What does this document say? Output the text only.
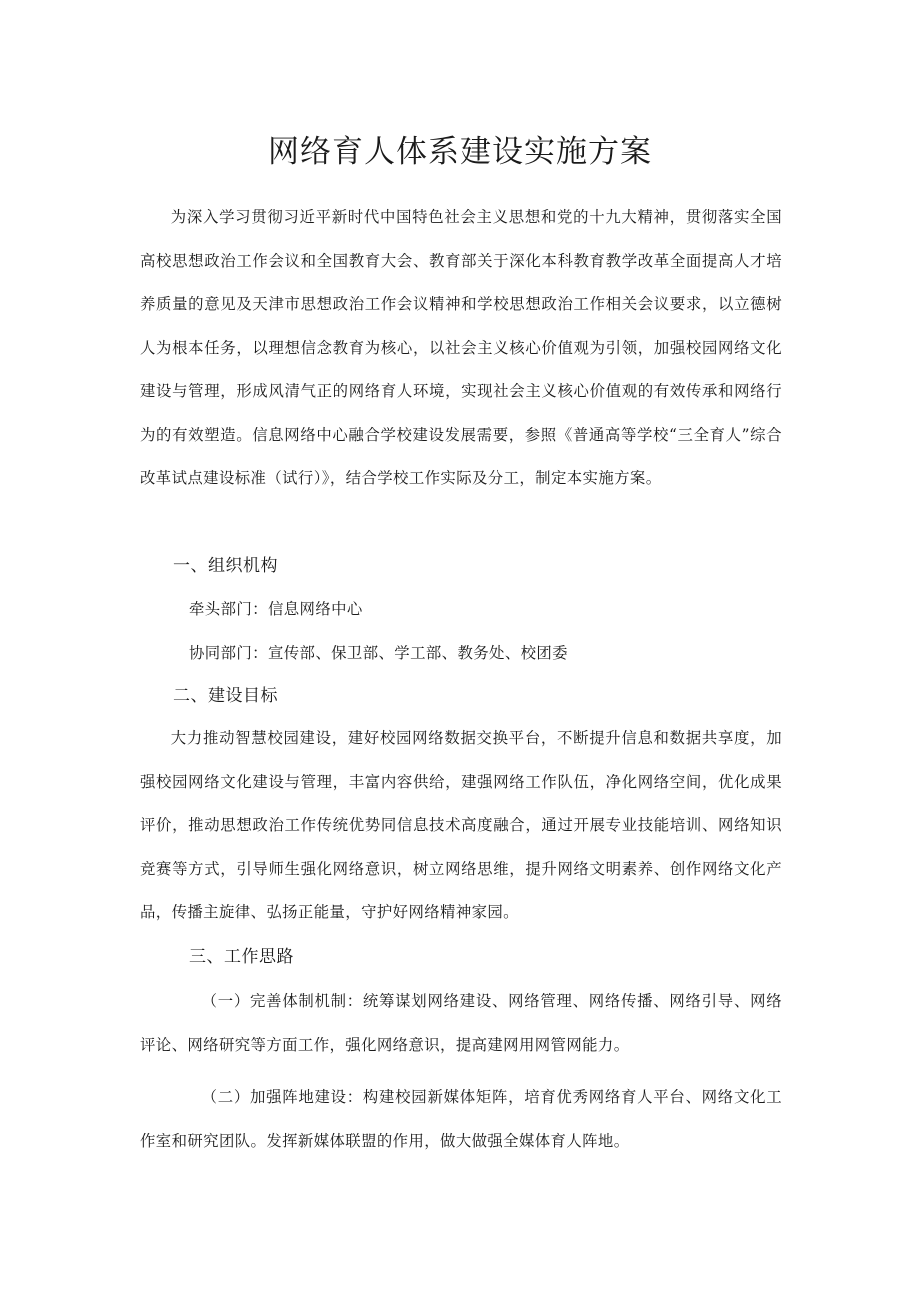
网络育人体系建设实施方案

为深入学习贯彻习近平新时代中国特色社会主义思想和党的十九大精神，贯彻落实全国高校思想政治工作会议和全国教育大会、教育部关于深化本科教育教学改革全面提高人才培养质量的意见及天津市思想政治工作会议精神和学校思想政治工作相关会议要求，以立德树人为根本任务，以理想信念教育为核心，以社会主义核心价值观为引领，加强校园网络文化建设与管理，形成风清气正的网络育人环境，实现社会主义核心价值观的有效传承和网络行为的有效塑造。信息网络中心融合学校建设发展需要，参照《普通高等学校“三全育人”综合改革试点建设标准（试行）》，结合学校工作实际及分工，制定本实施方案。

一、组织机构

牵头部门：信息网络中心

协同部门：宣传部、保卫部、学工部、教务处、校团委

二、建设目标

大力推动智慧校园建设，建好校园网络数据交换平台，不断提升信息和数据共享度，加强校园网络文化建设与管理，丰富内容供给，建强网络工作队伍，净化网络空间，优化成果评价，推动思想政治工作传统优势同信息技术高度融合，通过开展专业技能培训、网络知识竞赛等方式，引导师生强化网络意识，树立网络思维，提升网络文明素养、创作网络文化产品，传播主旋律、弘扬正能量，守护好网络精神家园。

三、工作思路

（一）完善体制机制：统筹谋划网络建设、网络管理、网络传播、网络引导、网络评论、网络研究等方面工作，强化网络意识，提高建网用网管网能力。

（二）加强阵地建设：构建校园新媒体矩阵，培育优秀网络育人平台、网络文化工作室和研究团队。发挥新媒体联盟的作用，做大做强全媒体育人阵地。
